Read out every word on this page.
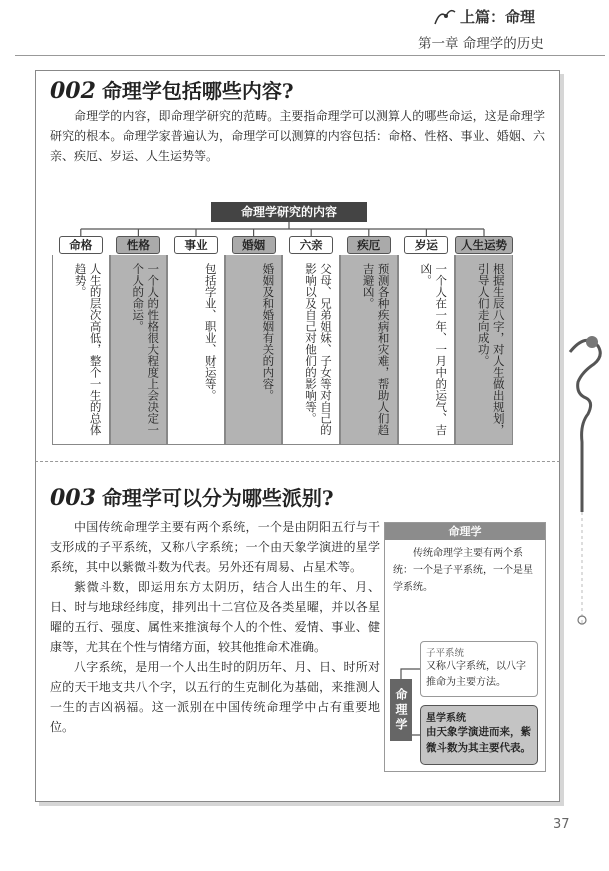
上篇：命理
第一章 命理学的历史
002 命理学包括哪些内容?
命理学的内容，即命理学研究的范畴。主要指命理学可以测算人的哪些命运，这是命理学研究的根本。命理学家普遍认为，命理学可以测算的内容包括：命格、性格、事业、婚姻、六亲、疾厄、岁运、人生运势等。
命理学研究的内容
命格
人生的层次高低，整个一生的总体趋势。
性格
一个人的性格很大程度上会决定一个人的命运。
事业
包括学业、职业、财运等。
婚姻
婚姻及和婚姻有关的内容。
六亲
父母、兄弟姐妹、子女等对自己的影响以及自己对他们的影响等。
疾厄
预测各种疾病和灾难，帮助人们趋吉避凶。
岁运
一个人在一年、一月中的运气、吉凶。
人生运势
根据生辰八字，对人生做出规划，引导人们走向成功。
003 命理学可以分为哪些派别?

中国传统命理学主要有两个系统，一个是由阴阳五行与干支形成的子平系统，又称八字系统；一个由天象学演进的星学系统，其中以紫微斗数为代表。另外还有周易、占星术等。

紫微斗数，即运用东方太阴历，结合人出生的年、月、日、时与地球经纬度，排列出十二宫位及各类星曜，并以各星曜的五行、强度、属性来推演每个人的个性、爱情、事业、健康等，尤其在个性与情绪方面，较其他推命术准确。

八字系统，是用一个人出生时的阴历年、月、日、时所对应的天干地支共八个字，以五行的生克制化为基础，来推测人一生的吉凶祸福。这一派别在中国传统命理学中占有重要地位。

命理学
传统命理学主要有两个系统：一个是子平系统，一个是星学系统。
命理学
子平系统
又称八字系统，以八字推命为主要方法。
星学系统
由天象学演进而来，紫微斗数为其主要代表。
37
